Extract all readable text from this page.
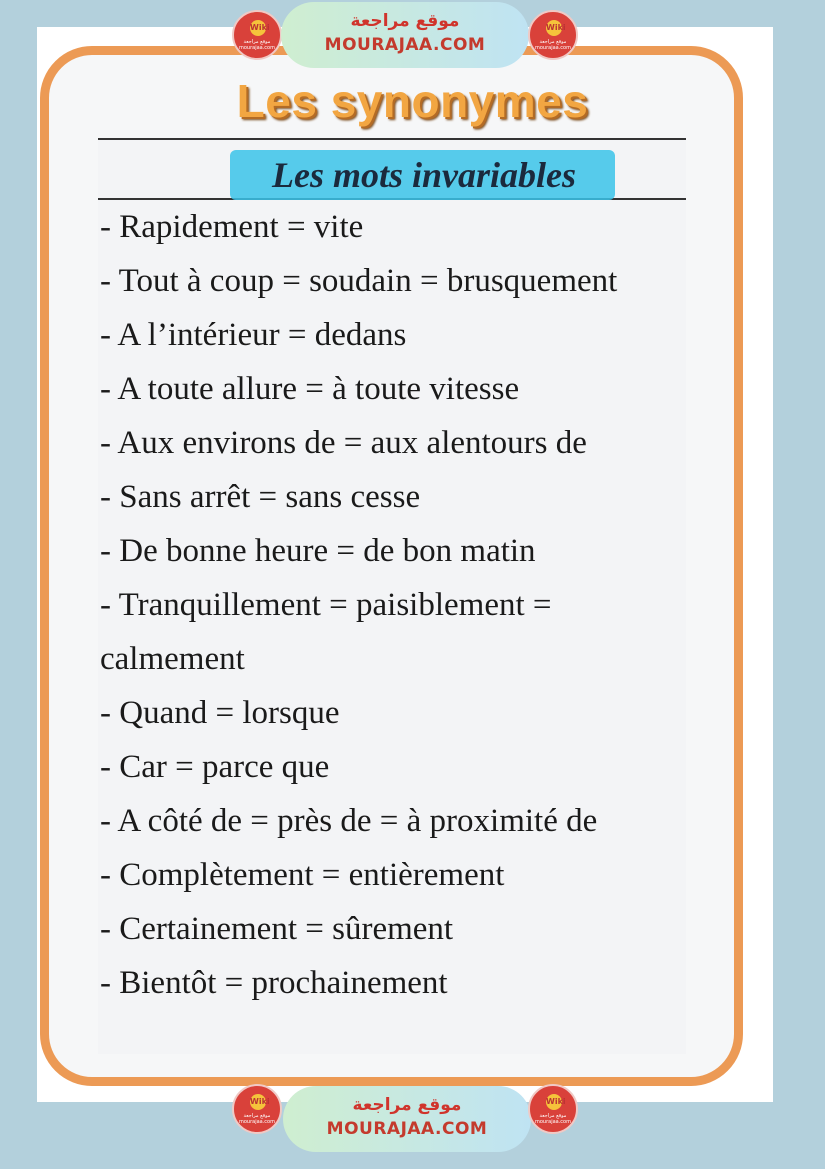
Wiki
موقع مراجعة
mourajaa.com
موقع مراجعة
MOURAJAA.COM
Wiki
موقع مراجعة
mourajaa.com
Les synonymes
Les mots invariables
- Rapidement = vite
- Tout à coup = soudain = brusquement
- A l’intérieur = dedans
- A toute allure = à toute vitesse
- Aux environs de = aux alentours de
- Sans arrêt = sans cesse
- De bonne heure = de bon matin
- Tranquillement = paisiblement =
calmement
- Quand = lorsque
- Car = parce que
- A côté de = près de = à proximité de
- Complètement = entièrement
- Certainement = sûrement
- Bientôt = prochainement
Wiki
موقع مراجعة
mourajaa.com
موقع مراجعة
MOURAJAA.COM
Wiki
موقع مراجعة
mourajaa.com
